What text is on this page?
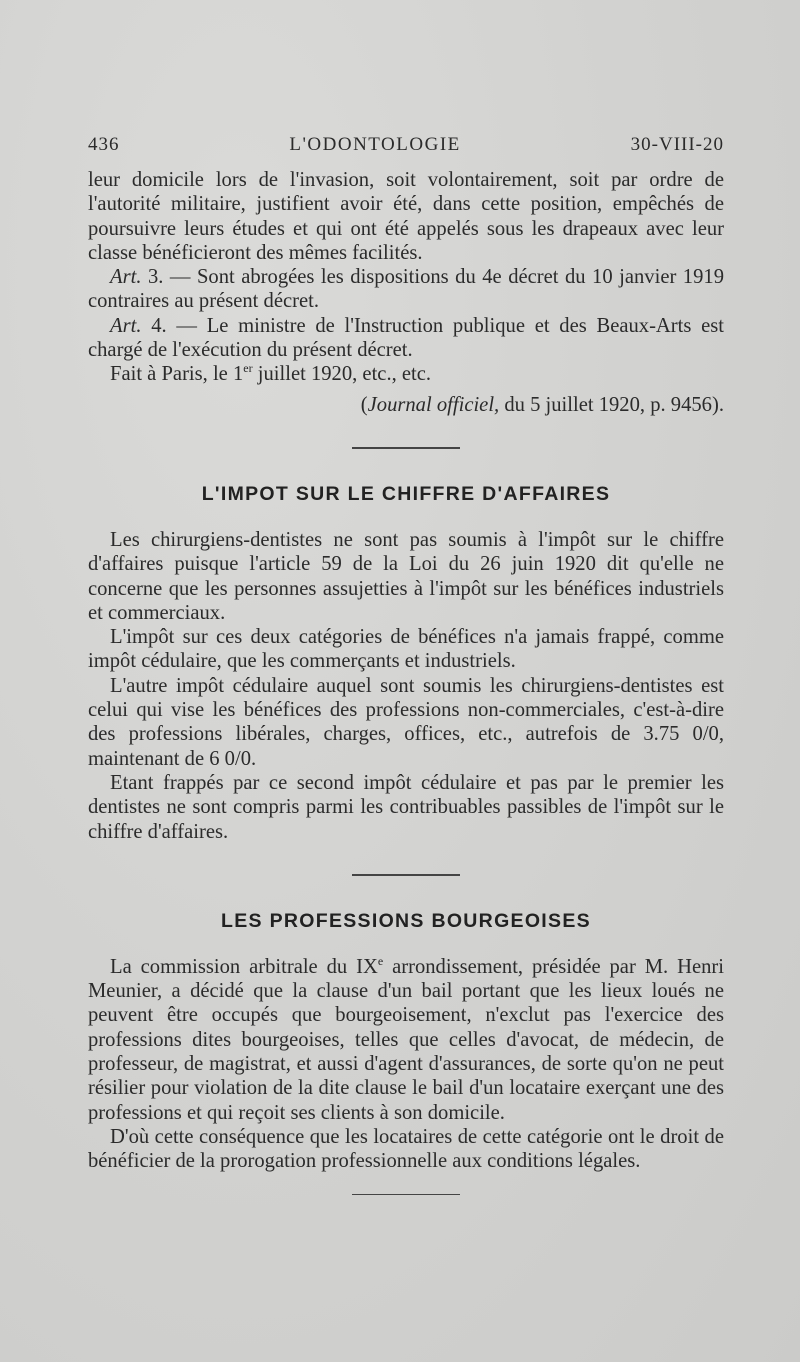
436	L'ODONTOLOGIE	30-VIII-20

leur domicile lors de l'invasion, soit volontairement, soit par ordre de l'autorité militaire, justifient avoir été, dans cette position, empêchés de poursuivre leurs études et qui ont été appelés sous les drapeaux avec leur classe bénéficieront des mêmes facilités.

Art. 3. — Sont abrogées les dispositions du 4e décret du 10 janvier 1919 contraires au présent décret.

Art. 4. — Le ministre de l'Instruction publique et des Beaux-Arts est chargé de l'exécution du présent décret.

Fait à Paris, le 1er juillet 1920, etc., etc.

(Journal officiel, du 5 juillet 1920, p. 9456).

L'IMPOT SUR LE CHIFFRE D'AFFAIRES

Les chirurgiens-dentistes ne sont pas soumis à l'impôt sur le chiffre d'affaires puisque l'article 59 de la Loi du 26 juin 1920 dit qu'elle ne concerne que les personnes assujetties à l'impôt sur les bénéfices industriels et commerciaux.

L'impôt sur ces deux catégories de bénéfices n'a jamais frappé, comme impôt cédulaire, que les commerçants et industriels.

L'autre impôt cédulaire auquel sont soumis les chirurgiens-dentistes est celui qui vise les bénéfices des professions non-commerciales, c'est-à-dire des professions libérales, charges, offices, etc., autrefois de 3.75 0/0, maintenant de 6 0/0.

Etant frappés par ce second impôt cédulaire et pas par le premier les dentistes ne sont compris parmi les contribuables passibles de l'impôt sur le chiffre d'affaires.

LES PROFESSIONS BOURGEOISES

La commission arbitrale du IXe arrondissement, présidée par M. Henri Meunier, a décidé que la clause d'un bail portant que les lieux loués ne peuvent être occupés que bourgeoisement, n'exclut pas l'exercice des professions dites bourgeoises, telles que celles d'avocat, de médecin, de professeur, de magistrat, et aussi d'agent d'assurances, de sorte qu'on ne peut résilier pour violation de la dite clause le bail d'un locataire exerçant une des professions et qui reçoit ses clients à son domicile.

D'où cette conséquence que les locataires de cette catégorie ont le droit de bénéficier de la prorogation professionnelle aux conditions légales.
